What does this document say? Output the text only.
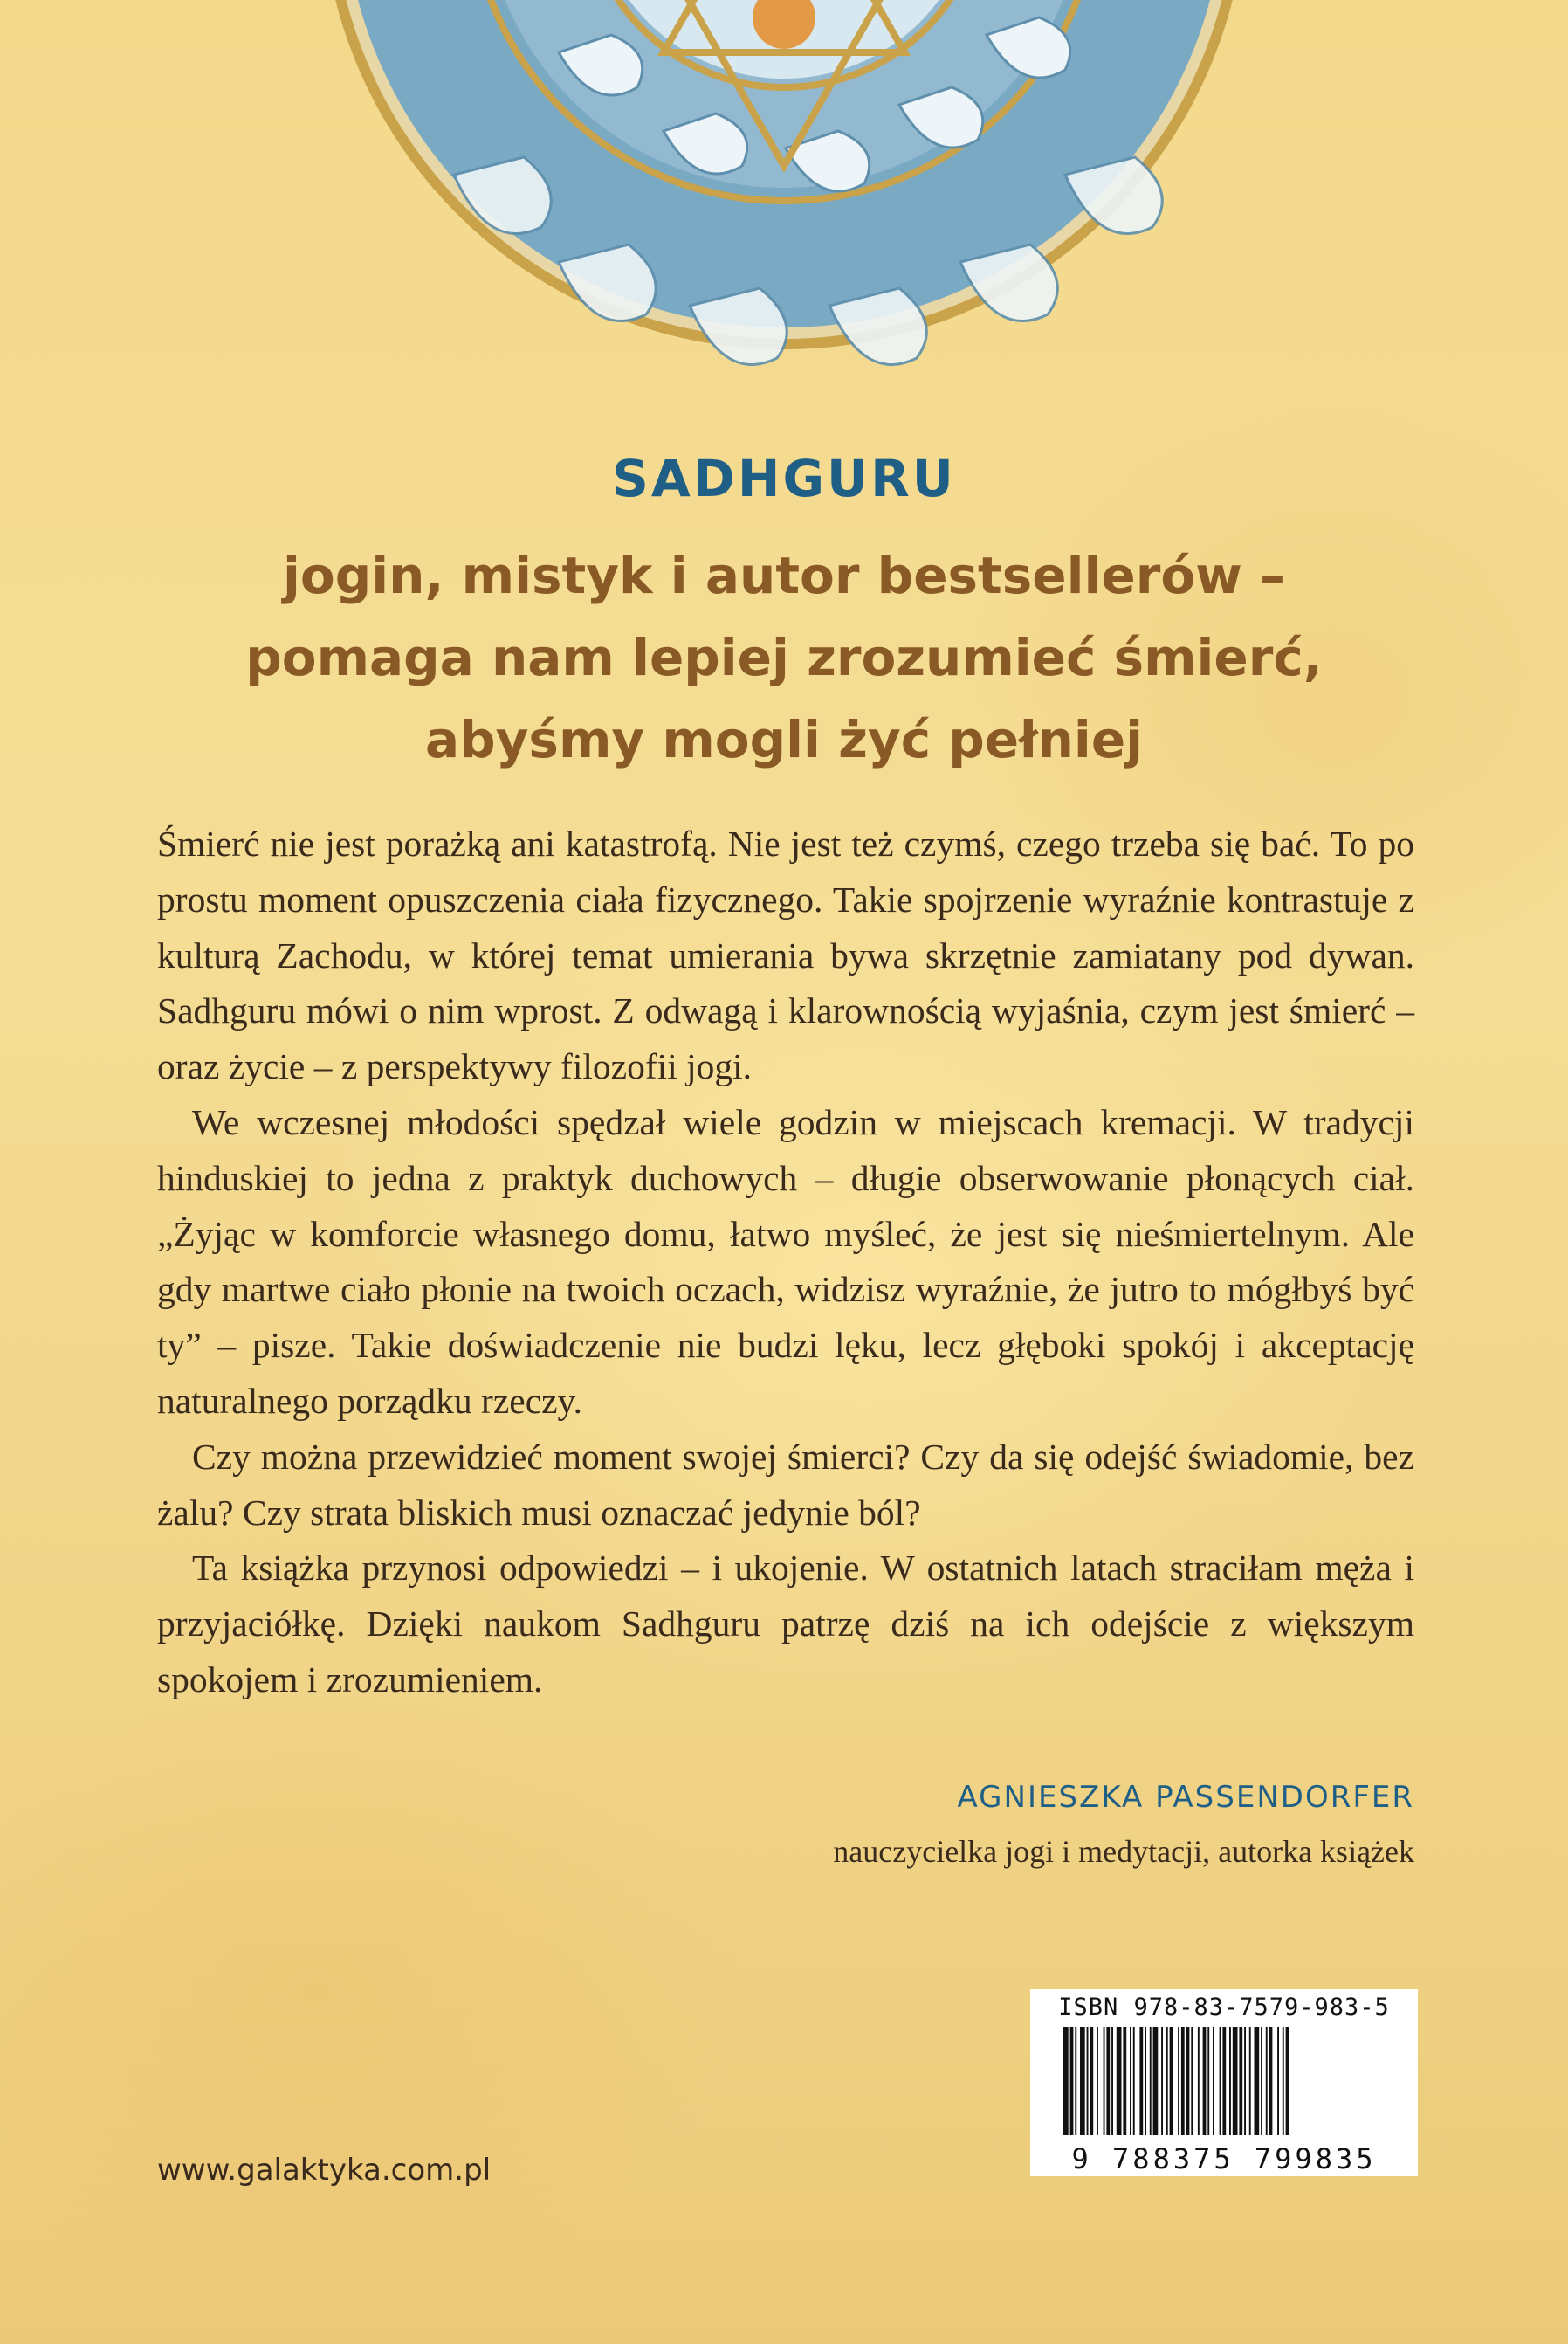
SADHGURU
jogin, mistyk i autor bestsellerów –
pomaga nam lepiej zrozumieć śmierć,
abyśmy mogli żyć pełniej

Śmierć nie jest porażką ani katastrofą. Nie jest też czymś, czego trzeba się bać. To po prostu moment opuszczenia ciała fizycznego. Takie spojrzenie wyraźnie kontrastuje z kulturą Zachodu, w której temat umierania bywa skrzętnie zamiatany pod dywan. Sadhguru mówi o nim wprost. Z odwagą i klarownością wyjaśnia, czym jest śmierć – oraz życie – z perspektywy filozofii jogi.

We wczesnej młodości spędzał wiele godzin w miejscach kremacji. W tradycji hinduskiej to jedna z praktyk duchowych – długie obserwowanie płonących ciał. „Żyjąc w komforcie własnego domu, łatwo myśleć, że jest się nieśmiertelnym. Ale gdy martwe ciało płonie na twoich oczach, widzisz wyraźnie, że jutro to mógłbyś być ty” – pisze. Takie doświadczenie nie budzi lęku, lecz głęboki spokój i akceptację naturalnego porządku rzeczy.

Czy można przewidzieć moment swojej śmierci? Czy da się odejść świadomie, bez żalu? Czy strata bliskich musi oznaczać jedynie ból?

Ta książka przynosi odpowiedzi – i ukojenie. W ostatnich latach straciłam męża i przyjaciółkę. Dzięki naukom Sadhguru patrzę dziś na ich odejście z większym spokojem i zrozumieniem.

AGNIESZKA PASSENDORFER
nauczycielka jogi i medytacji, autorka książek
www.galaktyka.com.pl
ISBN 978-83-7579-983-5
9 788375 799835
